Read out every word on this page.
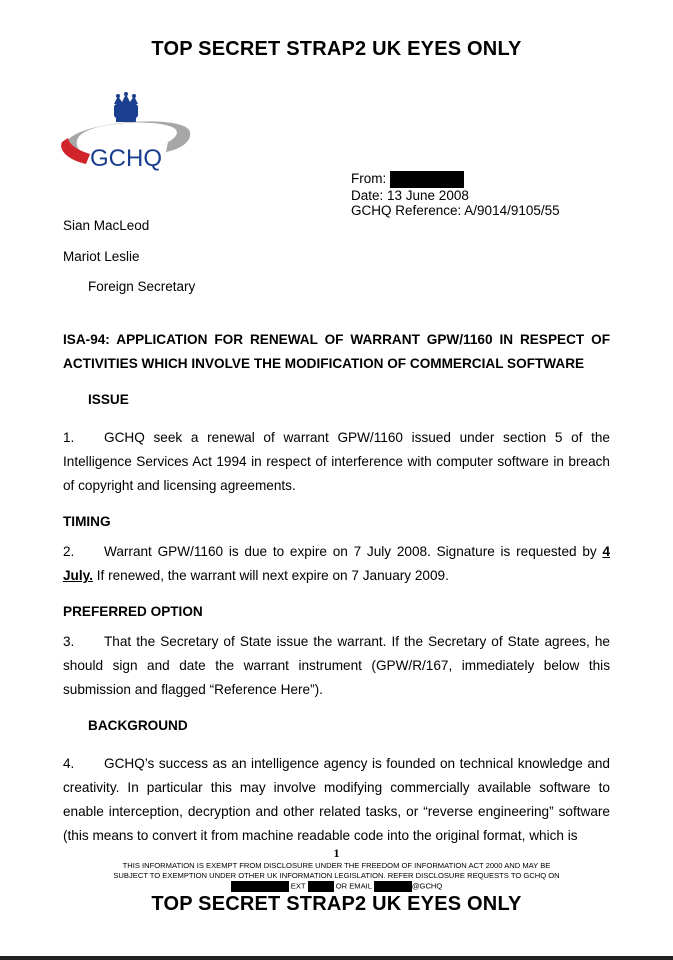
TOP SECRET STRAP2 UK EYES ONLY
GCHQ
From:
Date: 13 June 2008
GCHQ Reference: A/9014/9105/55
Sian MacLeod
Mariot Leslie
Foreign Secretary
ISA-94: APPLICATION FOR RENEWAL OF WARRANT GPW/1160 IN RESPECT OF
ACTIVITIES WHICH INVOLVE THE MODIFICATION OF COMMERCIAL SOFTWARE
ISSUE
1. GCHQ seek a renewal of warrant GPW/1160 issued under section 5 of the Intelligence Services Act 1994 in respect of interference with computer software in breach of copyright and licensing agreements.
TIMING
2. Warrant GPW/1160 is due to expire on 7 July 2008. Signature is requested by 4 July. If renewed, the warrant will next expire on 7 January 2009.
PREFERRED OPTION
3. That the Secretary of State issue the warrant. If the Secretary of State agrees, he should sign and date the warrant instrument (GPW/R/167, immediately below this submission and flagged “Reference Here”).
BACKGROUND
4. GCHQ’s success as an intelligence agency is founded on technical knowledge and creativity. In particular this may involve modifying commercially available software to enable interception, decryption and other related tasks, or “reverse engineering” software (this means to convert it from machine readable code into the original format, which is
1
THIS INFORMATION IS EXEMPT FROM DISCLOSURE UNDER THE FREEDOM OF INFORMATION ACT 2000 AND MAY BE
SUBJECT TO EXEMPTION UNDER OTHER UK INFORMATION LEGISLATION. REFER DISCLOSURE REQUESTS TO GCHQ ON
EXT	OR EMAIL	@GCHQ
TOP SECRET STRAP2 UK EYES ONLY
